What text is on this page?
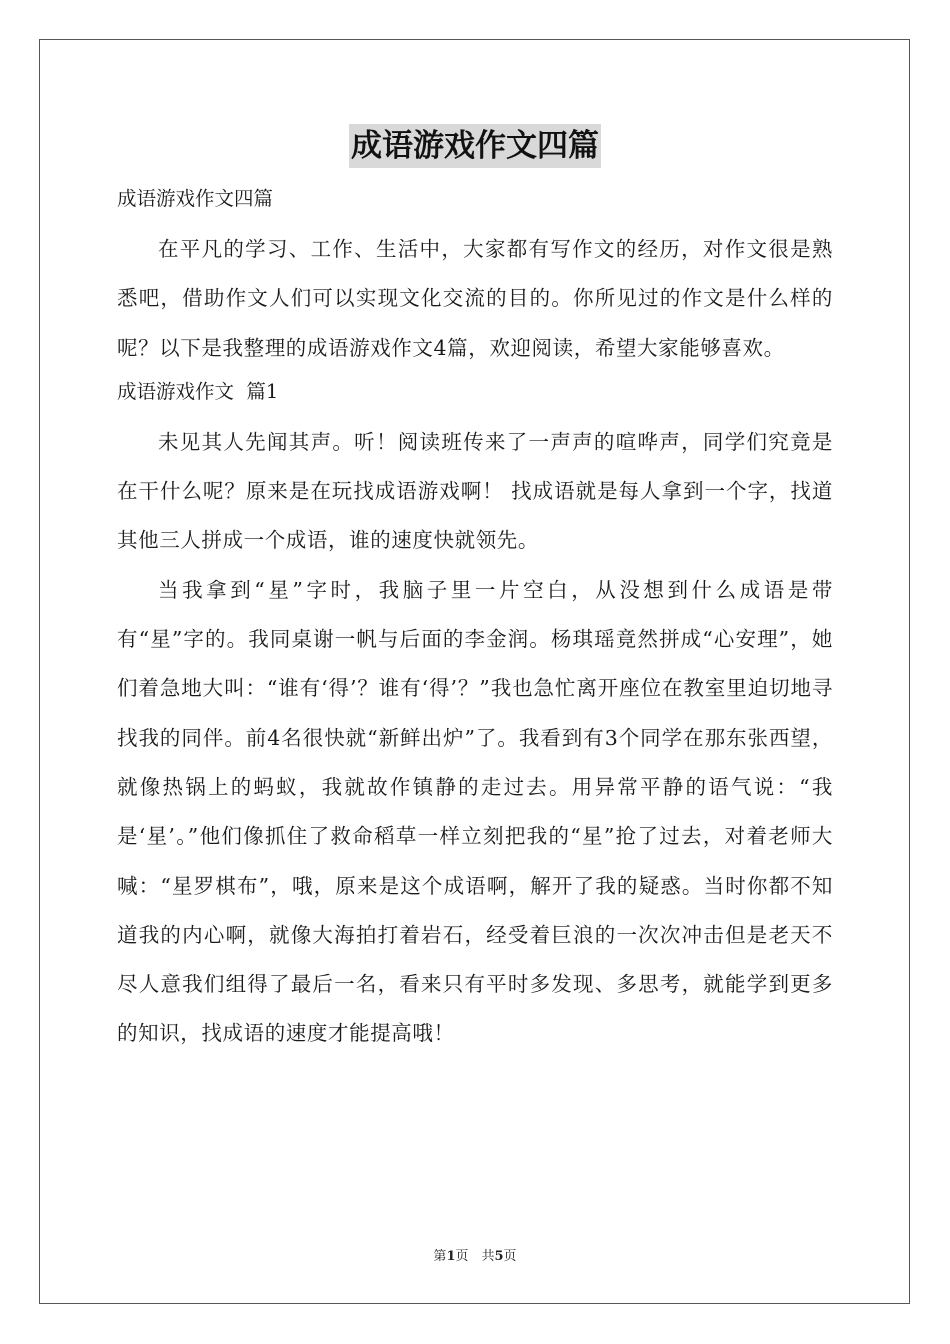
成语游戏作文四篇
成语游戏作文四篇

在平凡的学习、工作、生活中，大家都有写作文的经历，对作文很是熟悉吧，借助作文人们可以实现文化交流的目的。你所见过的作文是什么样的呢？以下是我整理的成语游戏作文4篇，欢迎阅读，希望大家能够喜欢。

成语游戏作文  篇1

未见其人先闻其声。听！阅读班传来了一声声的喧哗声，同学们究竟是在干什么呢？原来是在玩找成语游戏啊！ 找成语就是每人拿到一个字，找道其他三人拼成一个成语，谁的速度快就领先。

当我拿到“星”字时，我脑子里一片空白，从没想到什么成语是带有“星”字的。我同桌谢一帆与后面的李金润。杨琪瑶竟然拼成“心安理”，她们着急地大叫：“谁有‘得’？谁有‘得’？”我也急忙离开座位在教室里迫切地寻找我的同伴。前4名很快就“新鲜出炉”了。我看到有3个同学在那东张西望，就像热锅上的蚂蚁，我就故作镇静的走过去。用异常平静的语气说：“我是‘星’。”他们像抓住了救命稻草一样立刻把我的“星”抢了过去，对着老师大喊：“星罗棋布”，哦，原来是这个成语啊，解开了我的疑惑。当时你都不知道我的内心啊，就像大海拍打着岩石，经受着巨浪的一次次冲击但是老天不尽人意我们组得了最后一名，看来只有平时多发现、多思考，就能学到更多的知识，找成语的速度才能提高哦！

第1页　共5页
